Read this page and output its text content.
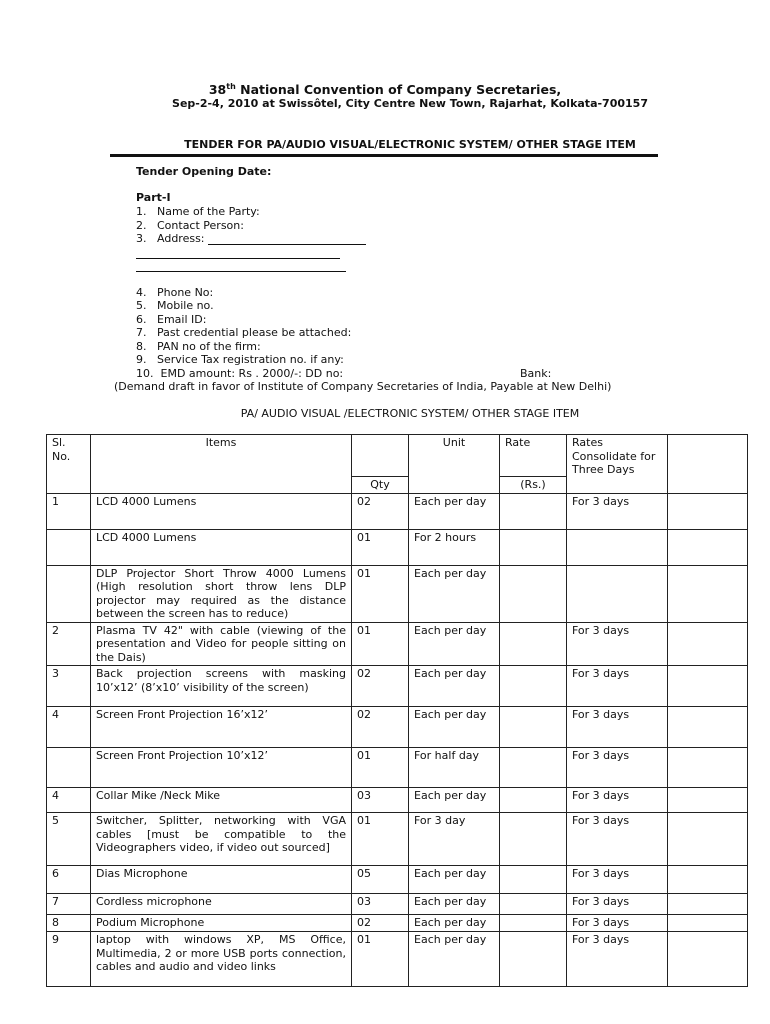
38th National Convention of Company Secretaries,
Sep-2-4, 2010 at Swissôtel, City Centre New Town, Rajarhat, Kolkata-700157
TENDER FOR PA/AUDIO VISUAL/ELECTRONIC SYSTEM/ OTHER STAGE ITEM
Tender Opening Date:
Part-I
1. Name of the Party:
2. Contact Person:
3. Address:
4. Phone No:
5. Mobile no.
6. Email ID:
7. Past credential please be attached:
8. PAN no of the firm:
9. Service Tax registration no. if any:
10. EMD amount: Rs . 2000/-: DD no:	Bank:
(Demand draft in favor of Institute of Company Secretaries of India, Payable at New Delhi)
PA/ AUDIO VISUAL /ELECTRONIC SYSTEM/ OTHER STAGE ITEM
Sl. No.	Items		Unit	Rate	Rates Consolidate for Three Days	
		Qty		(Rs.)		
1	LCD 4000 Lumens	02	Each per day		For 3 days	
	LCD 4000 Lumens	01	For 2 hours			
	DLP Projector Short Throw 4000 Lumens (High resolution short throw lens DLP projector may required as the distance between the screen has to reduce)	01	Each per day			
2	Plasma TV 42" with cable (viewing of the presentation and Video for people sitting on the Dais)	01	Each per day		For 3 days	
3	Back projection screens with masking 10’x12’ (8’x10’ visibility of the screen)	02	Each per day		For 3 days	
4	Screen Front Projection 16’x12’	02	Each per day		For 3 days	
	Screen Front Projection 10’x12’	01	For half day		For 3 days	
4	Collar Mike /Neck Mike	03	Each per day		For 3 days	
5	Switcher, Splitter, networking with VGA cables [must be compatible to the Videographers video, if video out sourced]	01	For 3 day		For 3 days	
6	Dias Microphone	05	Each per day		For 3 days	
7	Cordless microphone	03	Each per day		For 3 days	
8	Podium Microphone	02	Each per day		For 3 days	
9	laptop with windows XP, MS Office, Multimedia, 2 or more USB ports connection, cables and audio and video links	01	Each per day		For 3 days	
